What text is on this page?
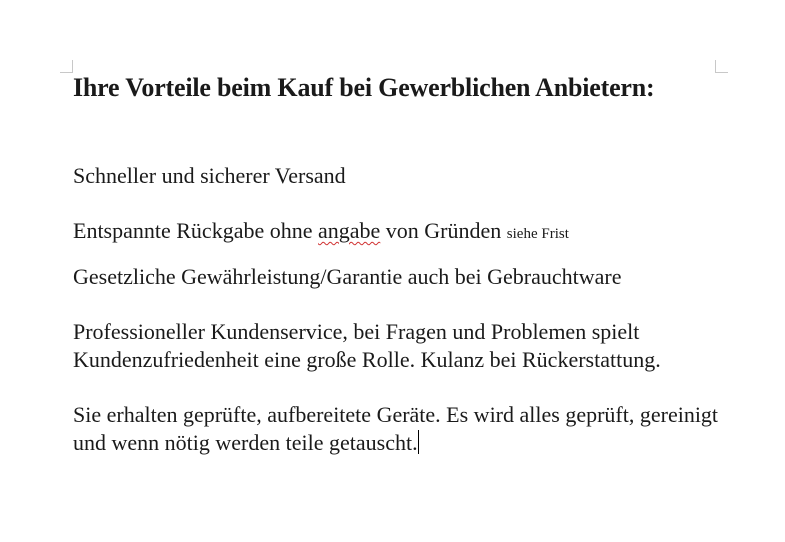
Ihre Vorteile beim Kauf bei Gewerblichen Anbietern:

Schneller und sicherer Versand

Entspannte Rückgabe ohne angabe von Gründen siehe Frist

Gesetzliche Gewährleistung/Garantie auch bei Gebrauchtware

Professioneller Kundenservice, bei Fragen und Problemen spielt Kundenzufriedenheit eine große Rolle. Kulanz bei Rückerstattung.

Sie erhalten geprüfte, aufbereitete Geräte. Es wird alles geprüft, gereinigt und wenn nötig werden teile getauscht.
